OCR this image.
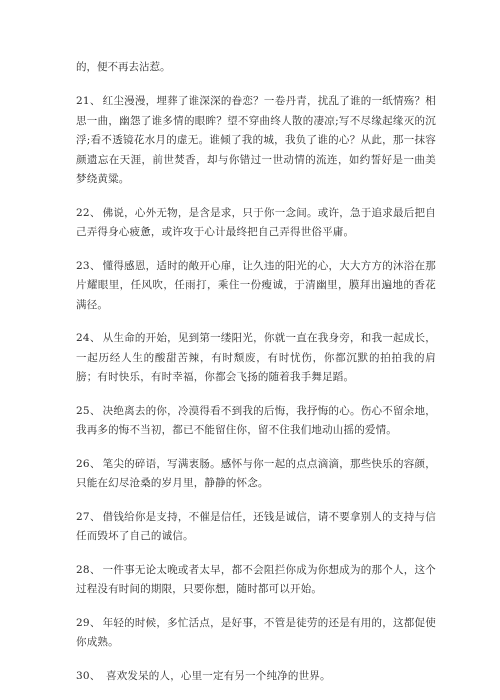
的，便不再去沾惹。

21、 红尘漫漫，埋葬了谁深深的眷恋？一卷丹青，扰乱了谁的一纸情殇？相思一曲，幽怨了谁多情的眼眸？望不穿曲终人散的凄凉;写不尽缘起缘灭的沉浮;看不透镜花水月的虚无。谁倾了我的城，我负了谁的心？从此，那一抹容颜遗忘在天涯，前世焚香，却与你错过一世动情的流连，如约誓好是一曲美梦绕黄粱。

22、 佛说，心外无物，是含是求，只于你一念间。或许，急于追求最后把自己弄得身心疲惫，或许攻于心计最终把自己弄得世俗平庸。

23、 懂得感恩，适时的敞开心扉，让久违的阳光的心，大大方方的沐浴在那片耀眼里，任风吹，任雨打，乘住一份瘦诚，于清幽里，膜拜出遍地的香花满径。

24、 从生命的开始，见到第一缕阳光，你就一直在我身旁，和我一起成长，一起历经人生的酸甜苦辣，有时颓废，有时忧伤，你都沉默的拍拍我的肩膀；有时快乐，有时幸福，你都会飞扬的随着我手舞足蹈。

25、 决绝离去的你，冷漠得看不到我的后悔，我抒悔的心。伤心不留余地，我再多的悔不当初，都已不能留住你，留不住我们地动山摇的爱情。

26、 笔尖的碎语，写满衷肠。感怀与你一起的点点滴滴，那些快乐的容颜，只能在幻尽沧桑的岁月里，静静的怀念。

27、 借钱给你是支持，不催是信任，还钱是诚信，请不要拿别人的支持与信任而毁坏了自己的诚信。

28、 一件事无论太晚或者太早，都不会阻拦你成为你想成为的那个人，这个过程没有时间的期限，只要你想，随时都可以开始。

29、 年轻的时候，多忙活点，是好事，不管是徒劳的还是有用的，这都促使你成熟。

30、 喜欢发呆的人，心里一定有另一个纯净的世界。
